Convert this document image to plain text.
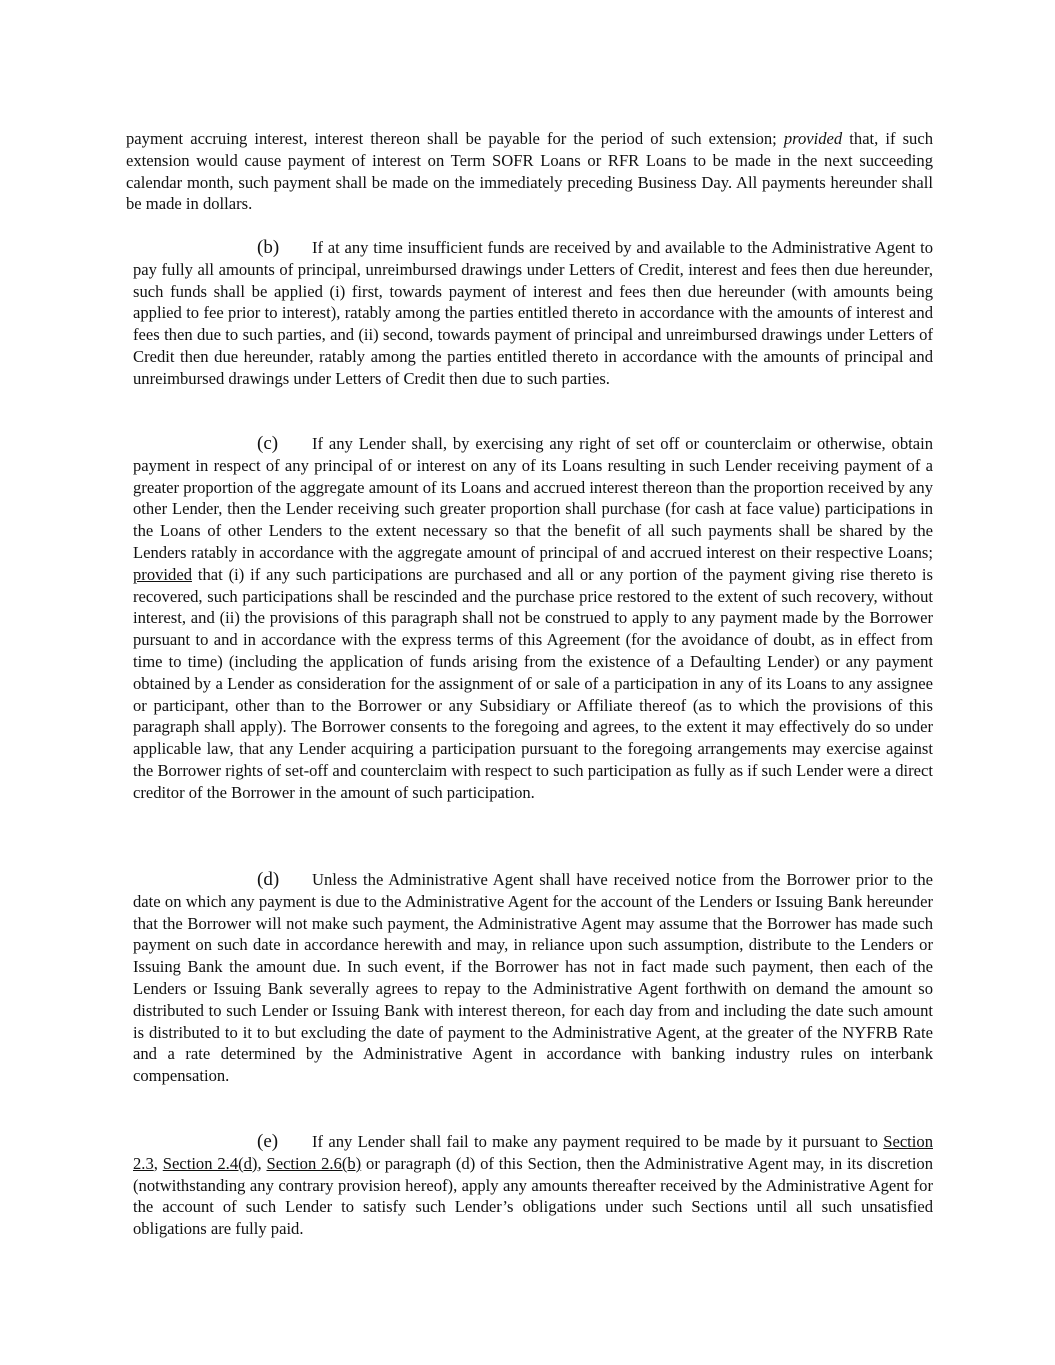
payment accruing interest, interest thereon shall be payable for the period of such extension; provided that, if such extension would cause payment of interest on Term SOFR Loans or RFR Loans to be made in the next succeeding calendar month, such payment shall be made on the immediately preceding Business Day. All payments hereunder shall be made in dollars.

(b) If at any time insufficient funds are received by and available to the Administrative Agent to pay fully all amounts of principal, unreimbursed drawings under Letters of Credit, interest and fees then due hereunder, such funds shall be applied (i) first, towards payment of interest and fees then due hereunder (with amounts being applied to fee prior to interest), ratably among the parties entitled thereto in accordance with the amounts of interest and fees then due to such parties, and (ii) second, towards payment of principal and unreimbursed drawings under Letters of Credit then due hereunder, ratably among the parties entitled thereto in accordance with the amounts of principal and unreimbursed drawings under Letters of Credit then due to such parties.

(c) If any Lender shall, by exercising any right of set off or counterclaim or otherwise, obtain payment in respect of any principal of or interest on any of its Loans resulting in such Lender receiving payment of a greater proportion of the aggregate amount of its Loans and accrued interest thereon than the proportion received by any other Lender, then the Lender receiving such greater proportion shall purchase (for cash at face value) participations in the Loans of other Lenders to the extent necessary so that the benefit of all such payments shall be shared by the Lenders ratably in accordance with the aggregate amount of principal of and accrued interest on their respective Loans; provided that (i) if any such participations are purchased and all or any portion of the payment giving rise thereto is recovered, such participations shall be rescinded and the purchase price restored to the extent of such recovery, without interest, and (ii) the provisions of this paragraph shall not be construed to apply to any payment made by the Borrower pursuant to and in accordance with the express terms of this Agreement (for the avoidance of doubt, as in effect from time to time) (including the application of funds arising from the existence of a Defaulting Lender) or any payment obtained by a Lender as consideration for the assignment of or sale of a participation in any of its Loans to any assignee or participant, other than to the Borrower or any Subsidiary or Affiliate thereof (as to which the provisions of this paragraph shall apply). The Borrower consents to the foregoing and agrees, to the extent it may effectively do so under applicable law, that any Lender acquiring a participation pursuant to the foregoing arrangements may exercise against the Borrower rights of set-off and counterclaim with respect to such participation as fully as if such Lender were a direct creditor of the Borrower in the amount of such participation.

(d) Unless the Administrative Agent shall have received notice from the Borrower prior to the date on which any payment is due to the Administrative Agent for the account of the Lenders or Issuing Bank hereunder that the Borrower will not make such payment, the Administrative Agent may assume that the Borrower has made such payment on such date in accordance herewith and may, in reliance upon such assumption, distribute to the Lenders or Issuing Bank the amount due. In such event, if the Borrower has not in fact made such payment, then each of the Lenders or Issuing Bank severally agrees to repay to the Administrative Agent forthwith on demand the amount so distributed to such Lender or Issuing Bank with interest thereon, for each day from and including the date such amount is distributed to it to but excluding the date of payment to the Administrative Agent, at the greater of the NYFRB Rate and a rate determined by the Administrative Agent in accordance with banking industry rules on interbank compensation.

(e) If any Lender shall fail to make any payment required to be made by it pursuant to Section 2.3, Section 2.4(d), Section 2.6(b) or paragraph (d) of this Section, then the Administrative Agent may, in its discretion (notwithstanding any contrary provision hereof), apply any amounts thereafter received by the Administrative Agent for the account of such Lender to satisfy such Lender’s obligations under such Sections until all such unsatisfied obligations are fully paid.
